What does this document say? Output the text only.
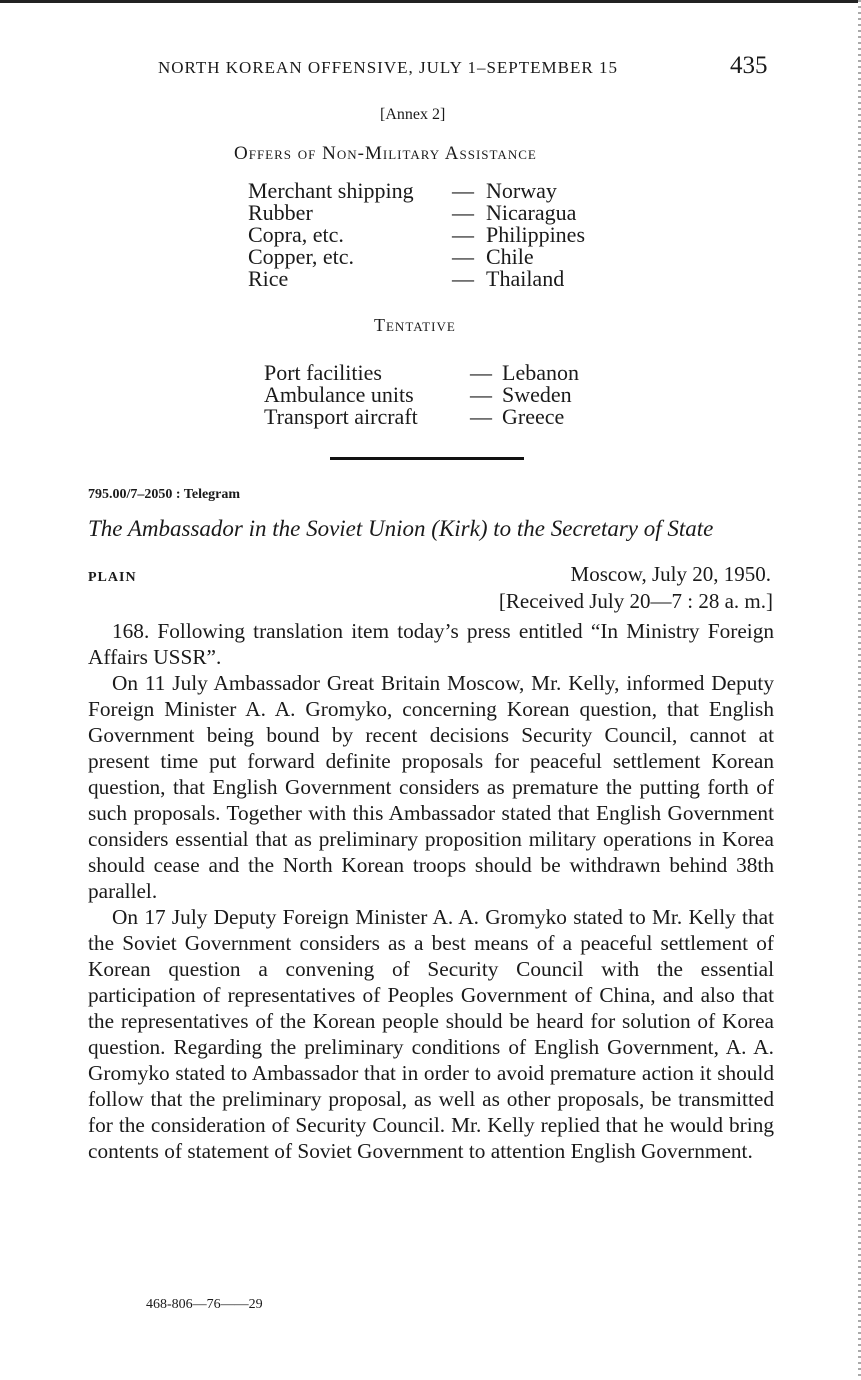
NORTH KOREAN OFFENSIVE, JULY 1–SEPTEMBER 15	435
[Annex 2]
Offers of Non-Military Assistance
Merchant shipping — Norway
Rubber	— Nicaragua
Copra, etc.	— Philippines
Copper, etc.	— Chile
Rice	— Thailand
Tentative
Port facilities	— Lebanon
Ambulance units	— Sweden
Transport aircraft — Greece
795.00/7–2050 : Telegram
The Ambassador in the Soviet Union (Kirk) to the Secretary of State
PLAIN	Moscow, July 20, 1950.
[Received July 20—7 : 28 a. m.]

168. Following translation item today’s press entitled “In Ministry Foreign Affairs USSR”.

On 11 July Ambassador Great Britain Moscow, Mr. Kelly, informed Deputy Foreign Minister A. A. Gromyko, concerning Korean question, that English Government being bound by recent decisions Security Council, cannot at present time put forward definite proposals for peaceful settlement Korean question, that English Government considers as premature the putting forth of such proposals. Together with this Ambassador stated that English Government considers essential that as preliminary proposition military operations in Korea should cease and the North Korean troops should be withdrawn behind 38th parallel.

On 17 July Deputy Foreign Minister A. A. Gromyko stated to Mr. Kelly that the Soviet Government considers as a best means of a peaceful settlement of Korean question a convening of Security Council with the essential participation of representatives of Peoples Government of China, and also that the representatives of the Korean people should be heard for solution of Korea question. Regarding the preliminary conditions of English Government, A. A. Gromyko stated to Ambassador that in order to avoid premature action it should follow that the preliminary proposal, as well as other proposals, be transmitted for the consideration of Security Council. Mr. Kelly replied that he would bring contents of statement of Soviet Government to attention English Government.

468-806—76——29
